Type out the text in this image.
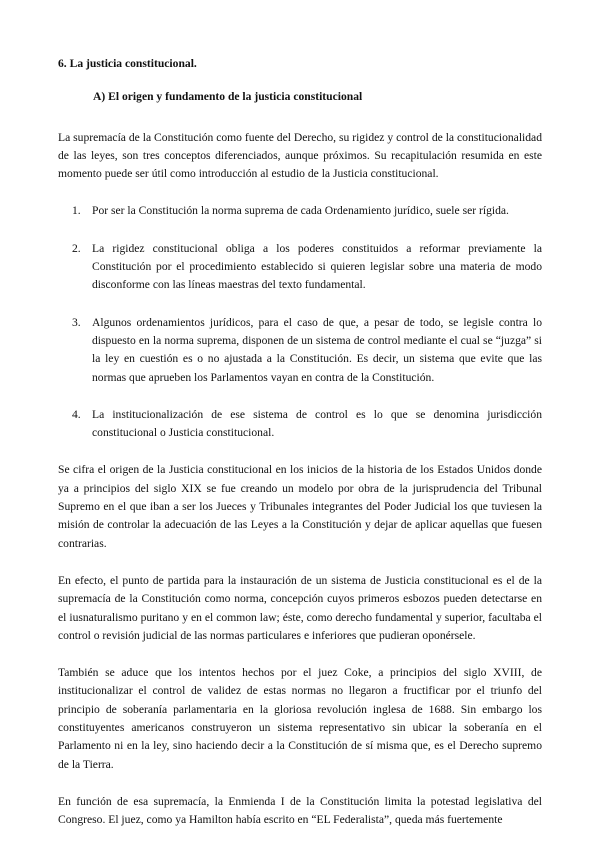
6. La justicia constitucional.
A) El origen y fundamento de la justicia constitucional

La supremacía de la Constitución como fuente del Derecho, su rigidez y control de la constitucionalidad de las leyes, son tres conceptos diferenciados, aunque próximos. Su recapitulación resumida en este momento puede ser útil como introducción al estudio de la Justicia constitucional.

1. Por ser la Constitución la norma suprema de cada Ordenamiento jurídico, suele ser rígida.
2. La rigidez constitucional obliga a los poderes constituidos a reformar previamente la Constitución por el procedimiento establecido si quieren legislar sobre una materia de modo disconforme con las líneas maestras del texto fundamental.
3. Algunos ordenamientos jurídicos, para el caso de que, a pesar de todo, se legisle contra lo dispuesto en la norma suprema, disponen de un sistema de control mediante el cual se “juzga” si la ley en cuestión es o no ajustada a la Constitución. Es decir, un sistema que evite que las normas que aprueben los Parlamentos vayan en contra de la Constitución.
4. La institucionalización de ese sistema de control es lo que se denomina jurisdicción constitucional o Justicia constitucional.

Se cifra el origen de la Justicia constitucional en los inicios de la historia de los Estados Unidos donde ya a principios del siglo XIX se fue creando un modelo por obra de la jurisprudencia del Tribunal Supremo en el que iban a ser los Jueces y Tribunales integrantes del Poder Judicial los que tuviesen la misión de controlar la adecuación de las Leyes a la Constitución y dejar de aplicar aquellas que fuesen contrarias.

En efecto, el punto de partida para la instauración de un sistema de Justicia constitucional es el de la supremacía de la Constitución como norma, concepción cuyos primeros esbozos pueden detectarse en el iusnaturalismo puritano y en el common law; éste, como derecho fundamental y superior, facultaba el control o revisión judicial de las normas particulares e inferiores que pudieran oponérsele.

También se aduce que los intentos hechos por el juez Coke, a principios del siglo XVIII, de institucionalizar el control de validez de estas normas no llegaron a fructificar por el triunfo del principio de soberanía parlamentaria en la gloriosa revolución inglesa de 1688. Sin embargo los constituyentes americanos construyeron un sistema representativo sin ubicar la soberanía en el Parlamento ni en la ley, sino haciendo decir a la Constitución de sí misma que, es el Derecho supremo de la Tierra.

En función de esa supremacía, la Enmienda I de la Constitución limita la potestad legislativa del Congreso. El juez, como ya Hamilton había escrito en “EL Federalista”, queda más fuertemente
